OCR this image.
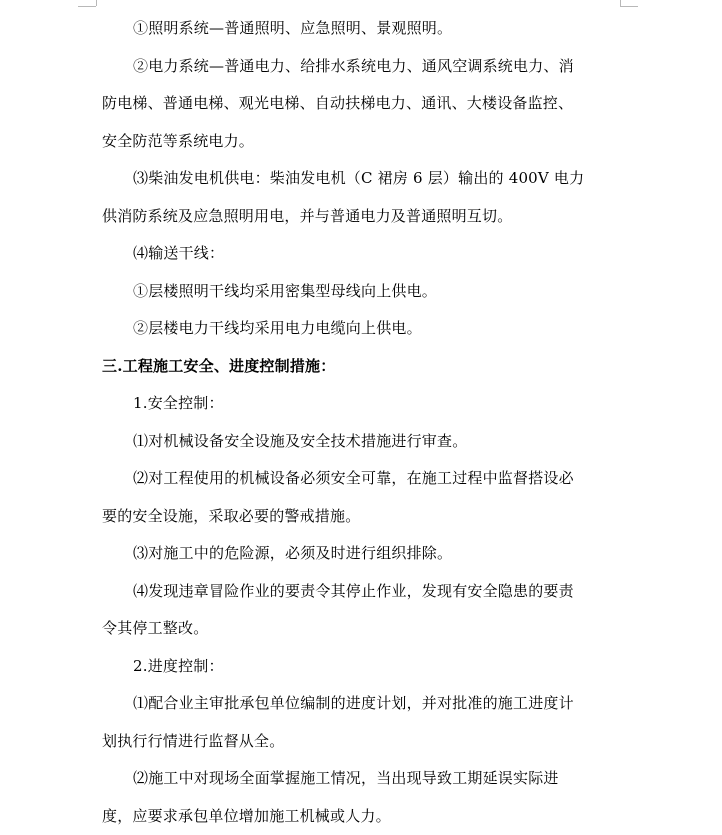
①照明系统—普通照明、应急照明、景观照明。

②电力系统—普通电力、给排水系统电力、通风空调系统电力、消

防电梯、普通电梯、观光电梯、自动扶梯电力、通讯、大楼设备监控、

安全防范等系统电力。

⑶柴油发电机供电：柴油发电机（C 裙房 6 层）输出的 400V 电力

供消防系统及应急照明用电，并与普通电力及普通照明互切。

⑷输送干线：

①层楼照明干线均采用密集型母线向上供电。

②层楼电力干线均采用电力电缆向上供电。

三.工程施工安全、进度控制措施：

1.安全控制：

⑴对机械设备安全设施及安全技术措施进行审查。

⑵对工程使用的机械设备必须安全可靠，在施工过程中监督搭设必

要的安全设施，采取必要的警戒措施。

⑶对施工中的危险源，必须及时进行组织排除。

⑷发现违章冒险作业的要责令其停止作业，发现有安全隐患的要责

令其停工整改。

2.进度控制：

⑴配合业主审批承包单位编制的进度计划，并对批准的施工进度计

划执行行情进行监督从全。

⑵施工中对现场全面掌握施工情况，当出现导致工期延误实际进

度，应要求承包单位增加施工机械或人力。
